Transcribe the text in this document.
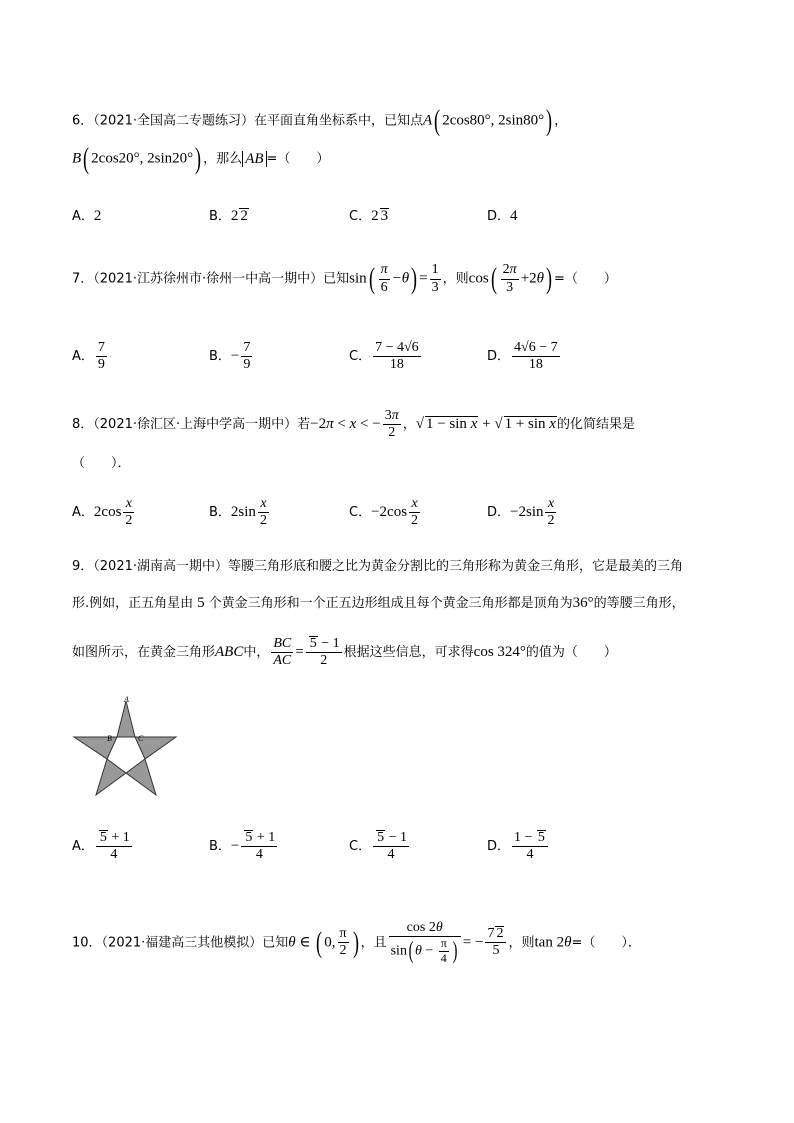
6．（2021·全国高二专题练习）在平面直角坐标系中，已知点A( 2cos80°, 2sin80°) ，
B( 2cos20°, 2sin20°) ，那么 AB =（　　）
A．2	B．2 2	C．2 3	D．4
7．（2021·江苏徐州市·徐州一中高一期中）已知$\sin( \frac{\pi}{6} -\theta) = \frac{1}{3}$ ，则$\cos( \frac{2\pi}{3} +2\theta)$ =（　　）
A． $\frac{7}{9}$	B．− $\frac{7}{9}$	C． $\frac{7 - 4√6}{18}$	D． $\frac{4√6 - 7}{18}$
8．（2021·徐汇区·上海中学高一期中）若−2π < x < − $\frac{3\pi}{2}$ ，√ 1 − sin x + √ 1 + sin x的化简结果是
（　　）．
A．$2\cos \frac{x}{2}$	B．$2\sin \frac{x}{2}$	C．$-2\cos \frac{x}{2}$	D．$-2\sin \frac{x}{2}$
9．（2021·湖南高一期中）等腰三角形底和腰之比为黄金分割比的三角形称为黄金三角形，它是最美的三角
形.例如，正五角星由 5 个黄金三角形和一个正五边形组成且每个黄金三角形都是顶角为36°的等腰三角形，
如图所示，在黄金三角形ABC中， $\frac{BC}{AC} = \frac{5 - 1}{2}$ 根据这些信息，可求得cos 324°的值为（　　）
A
B	C
A． $\frac{5 + 1}{4}$	B．− $\frac{5 + 1}{4}$	C． $\frac{5 - 1}{4}$	D． $\frac{1 - 5}{4}$
10．（2021·福建高三其他模拟）已知θ ∈ ( 0, $\frac{\pi}{2}$ ) ，且 $\frac{\cos 2\theta}{\sin( \theta - \frac{\pi}{4} )}$ = − $\frac{7 2}{5}$ ，则tan 2θ=（　　）．
